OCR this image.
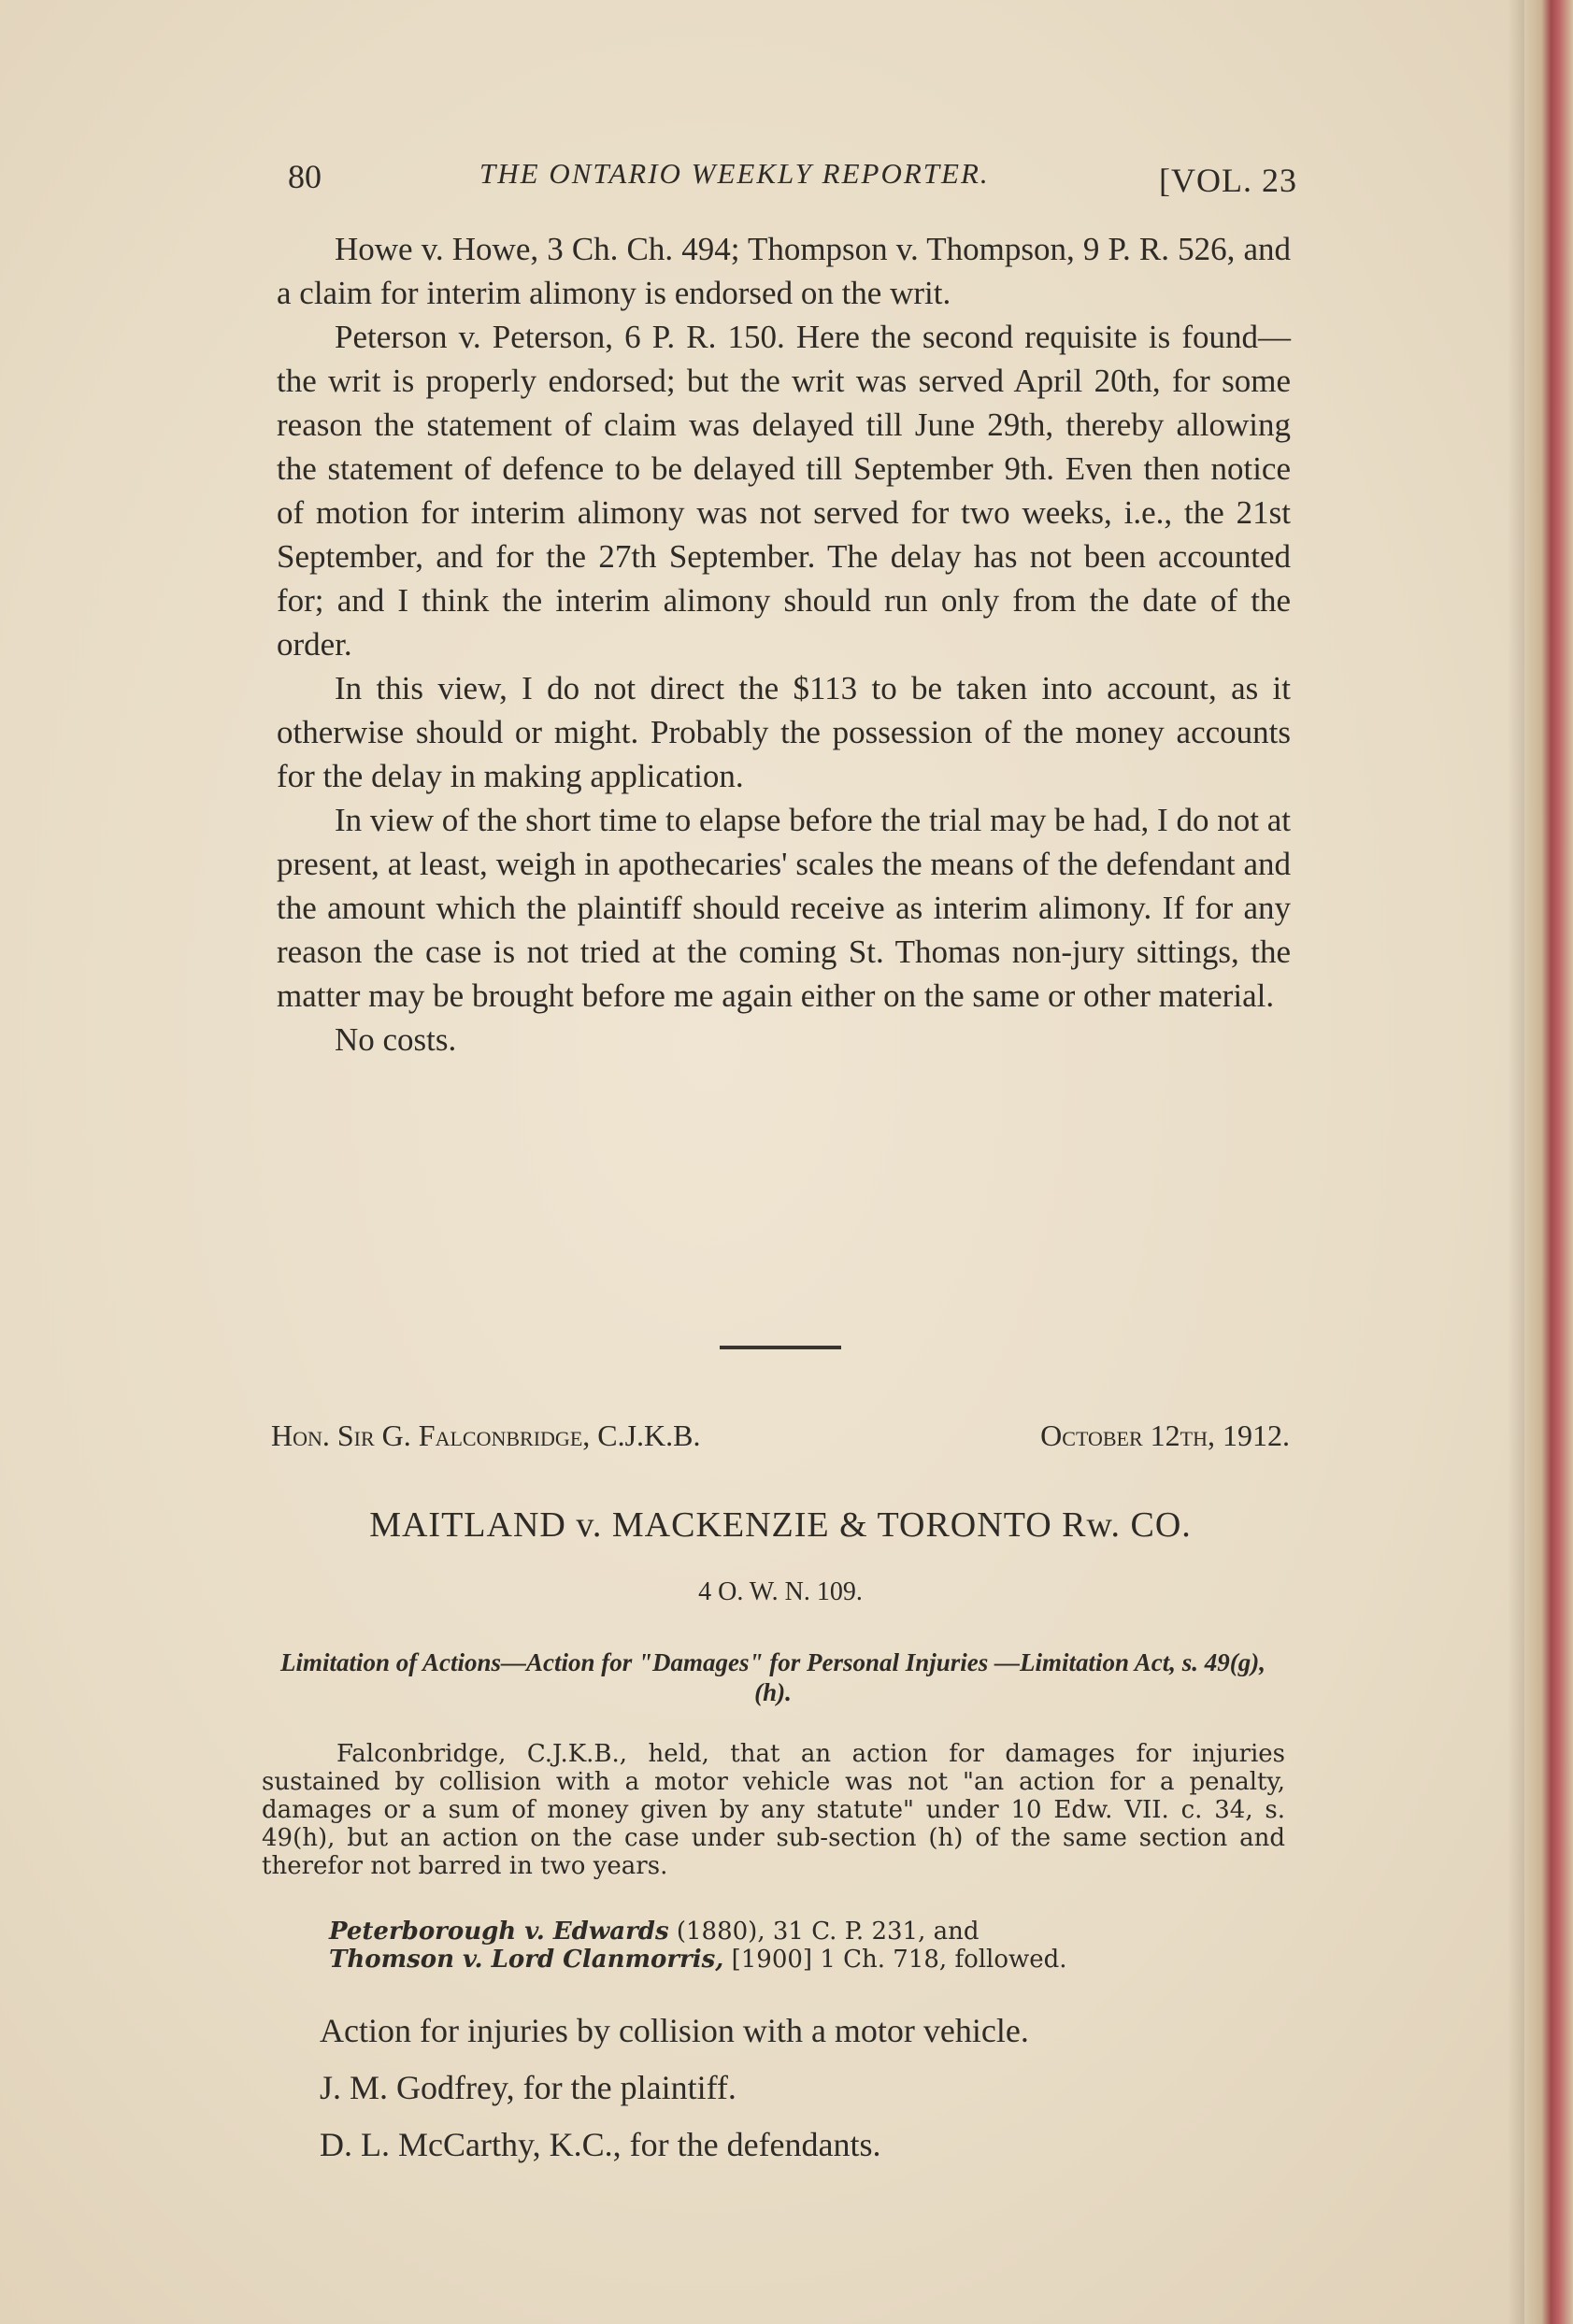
80	THE ONTARIO WEEKLY REPORTER.	[VOL. 23

Howe v. Howe, 3 Ch. Ch. 494; Thompson v. Thompson, 9 P. R. 526, and a claim for interim alimony is endorsed on the writ.

Peterson v. Peterson, 6 P. R. 150. Here the second requisite is found—the writ is properly endorsed; but the writ was served April 20th, for some reason the statement of claim was delayed till June 29th, thereby allowing the statement of defence to be delayed till September 9th. Even then notice of motion for interim alimony was not served for two weeks, i.e., the 21st September, and for the 27th September. The delay has not been accounted for; and I think the interim alimony should run only from the date of the order.

In this view, I do not direct the $113 to be taken into account, as it otherwise should or might. Probably the possession of the money accounts for the delay in making application.

In view of the short time to elapse before the trial may be had, I do not at present, at least, weigh in apothecaries' scales the means of the defendant and the amount which the plaintiff should receive as interim alimony. If for any reason the case is not tried at the coming St. Thomas non-jury sittings, the matter may be brought before me again either on the same or other material.

No costs.

Hon. Sir G. Falconbridge, C.J.K.B.	October 12th, 1912.
MAITLAND v. MACKENZIE & TORONTO Rw. CO.
4 O. W. N. 109.
Limitation of Actions—Action for "Damages" for Personal Injuries —Limitation Act, s. 49(g), (h).

Falconbridge, C.J.K.B., held, that an action for damages for injuries sustained by collision with a motor vehicle was not "an action for a penalty, damages or a sum of money given by any statute" under 10 Edw. VII. c. 34, s. 49(h), but an action on the case under sub-section (h) of the same section and therefor not barred in two years.

Peterborough v. Edwards (1880), 31 C. P. 231, and
Thomson v. Lord Clanmorris, [1900] 1 Ch. 718, followed.
Action for injuries by collision with a motor vehicle.
J. M. Godfrey, for the plaintiff.
D. L. McCarthy, K.C., for the defendants.
